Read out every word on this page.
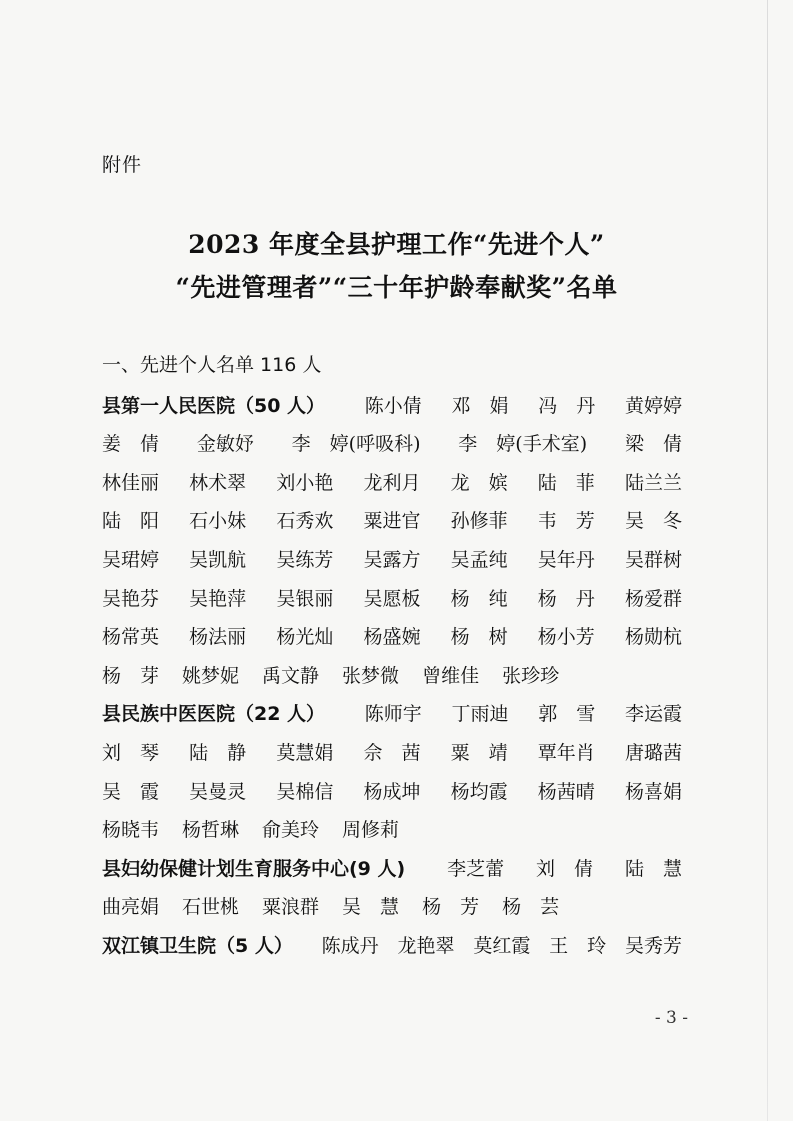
附件
2023 年度全县护理工作“先进个人”
“先进管理者”“三十年护龄奉献奖”名单
一、先进个人名单 116 人
县第一人民医院（50 人） 陈小倩 邓　娟 冯　丹 黄婷婷
姜　倩 金敏妤 李　婷(呼吸科) 李　婷(手术室) 梁　倩
林佳丽 林术翠 刘小艳 龙利月 龙　嫔 陆　菲 陆兰兰
陆　阳 石小妹 石秀欢 粟进官 孙修菲 韦　芳 吴　冬
吴珺婷 吴凯航 吴练芳 吴露方 吴孟纯 吴年丹 吴群树
吴艳芬 吴艳萍 吴银丽 吴愿板 杨　纯 杨　丹 杨爱群
杨常英 杨法丽 杨光灿 杨盛婉 杨　树 杨小芳 杨勋杭
杨　芽 姚梦妮 禹文静 张梦微 曾维佳 张珍珍
县民族中医医院（22 人） 陈师宇 丁雨迪 郭　雪 李运霞
刘　琴 陆　静 莫慧娟 佘　茜 粟　靖 覃年肖 唐璐茜
吴　霞 吴曼灵 吴棉信 杨成坤 杨均霞 杨茜晴 杨喜娟
杨晓韦 杨哲琳 俞美玲 周修莉
县妇幼保健计划生育服务中心(9 人) 李芝蕾 刘　倩 陆　慧
曲亮娟 石世桃 粟浪群 吴　慧 杨　芳 杨　芸
双江镇卫生院（5 人） 陈成丹 龙艳翠 莫红霞 王　玲 吴秀芳
- 3 -
